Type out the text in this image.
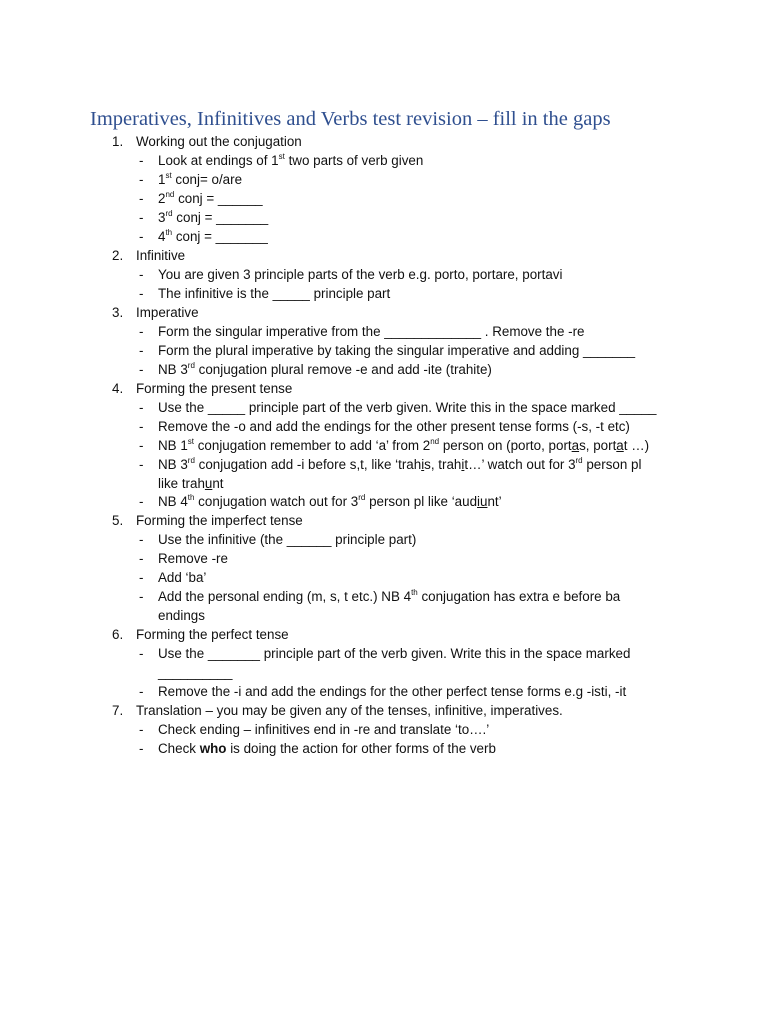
Imperatives, Infinitives and Verbs test revision – fill in the gaps
1. Working out the conjugation
- Look at endings of 1st two parts of verb given
- 1st conj= o/are
- 2nd conj = ______
- 3rd conj = _______
- 4th conj = _______
2. Infinitive
- You are given 3 principle parts of the verb e.g. porto, portare, portavi
- The infinitive is the _____ principle part
3. Imperative
- Form the singular imperative from the _____________ . Remove the -re
- Form the plural imperative by taking the singular imperative and adding _______
- NB 3rd conjugation plural remove -e and add -ite (trahite)
4. Forming the present tense
- Use the _____ principle part of the verb given. Write this in the space marked _____
- Remove the -o and add the endings for the other present tense forms (-s, -t etc)
- NB 1st conjugation remember to add ‘a’ from 2nd person on (porto, portas, portat …)
- NB 3rd conjugation add -i before s,t, like ‘trahis, trahit…’ watch out for 3rd person pl
like trahunt
- NB 4th conjugation watch out for 3rd person pl like ‘audiunt’
5. Forming the imperfect tense
- Use the infinitive (the ______ principle part)
- Remove -re
- Add ‘ba’
- Add the personal ending (m, s, t etc.) NB 4th conjugation has extra e before ba
endings
6. Forming the perfect tense
- Use the _______ principle part of the verb given. Write this in the space marked
__________
- Remove the -i and add the endings for the other perfect tense forms e.g -isti, -it
7. Translation – you may be given any of the tenses, infinitive, imperatives.
- Check ending – infinitives end in -re and translate ‘to….’
- Check who is doing the action for other forms of the verb
